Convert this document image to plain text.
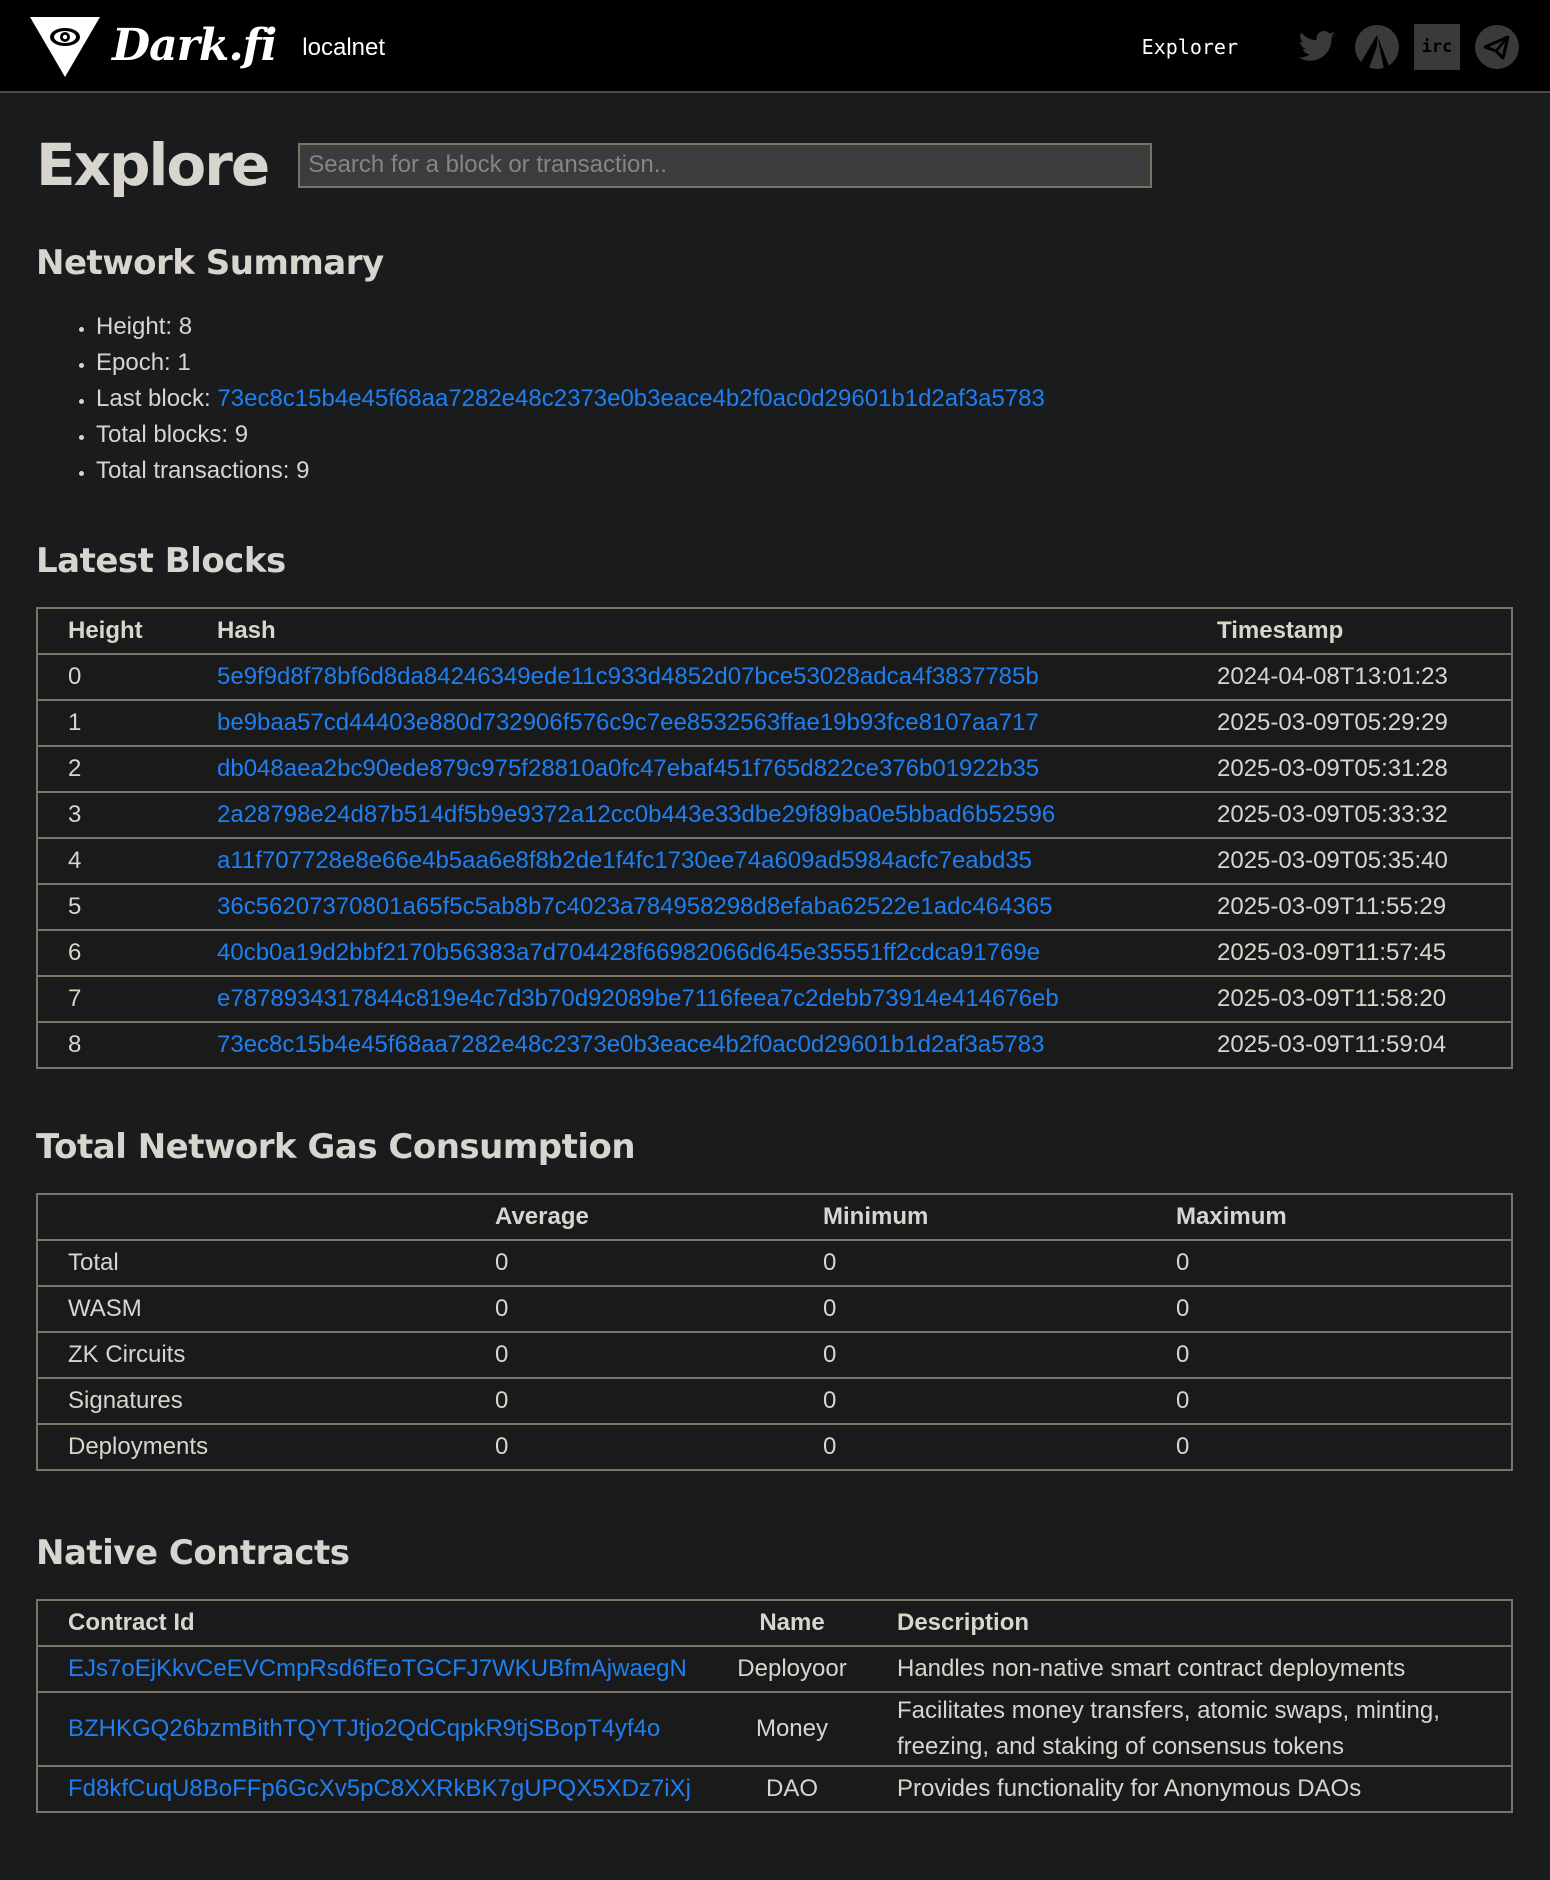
Dark.fi localnet	Explorer	irc
Explore
Search for a block or transaction..
Network Summary
• Height: 8
• Epoch: 1
• Last block: 73ec8c15b4e45f68aa7282e48c2373e0b3eace4b2f0ac0d29601b1d2af3a5783
• Total blocks: 9
• Total transactions: 9
Latest Blocks
Height	Hash	Timestamp
0	5e9f9d8f78bf6d8da84246349ede11c933d4852d07bce53028adca4f3837785b	2024-04-08T13:01:23
1	be9baa57cd44403e880d732906f576c9c7ee8532563ffae19b93fce8107aa717	2025-03-09T05:29:29
2	db048aea2bc90ede879c975f28810a0fc47ebaf451f765d822ce376b01922b35	2025-03-09T05:31:28
3	2a28798e24d87b514df5b9e9372a12cc0b443e33dbe29f89ba0e5bbad6b52596	2025-03-09T05:33:32
4	a11f707728e8e66e4b5aa6e8f8b2de1f4fc1730ee74a609ad5984acfc7eabd35	2025-03-09T05:35:40
5	36c56207370801a65f5c5ab8b7c4023a784958298d8efaba62522e1adc464365	2025-03-09T11:55:29
6	40cb0a19d2bbf2170b56383a7d704428f66982066d645e35551ff2cdca91769e	2025-03-09T11:57:45
7	e7878934317844c819e4c7d3b70d92089be7116feea7c2debb73914e414676eb	2025-03-09T11:58:20
8	73ec8c15b4e45f68aa7282e48c2373e0b3eace4b2f0ac0d29601b1d2af3a5783	2025-03-09T11:59:04
Total Network Gas Consumption
	Average	Minimum	Maximum
Total	0	0	0
WASM	0	0	0
ZK Circuits	0	0	0
Signatures	0	0	0
Deployments	0	0	0
Native Contracts
Contract Id	Name	Description
EJs7oEjKkvCeEVCmpRsd6fEoTGCFJ7WKUBfmAjwaegN	Deployoor	Handles non-native smart contract deployments
BZHKGQ26bzmBithTQYTJtjo2QdCqpkR9tjSBopT4yf4o	Money	Facilitates money transfers, atomic swaps, minting, freezing, and staking of consensus tokens
Fd8kfCuqU8BoFFp6GcXv5pC8XXRkBK7gUPQX5XDz7iXj	DAO	Provides functionality for Anonymous DAOs
